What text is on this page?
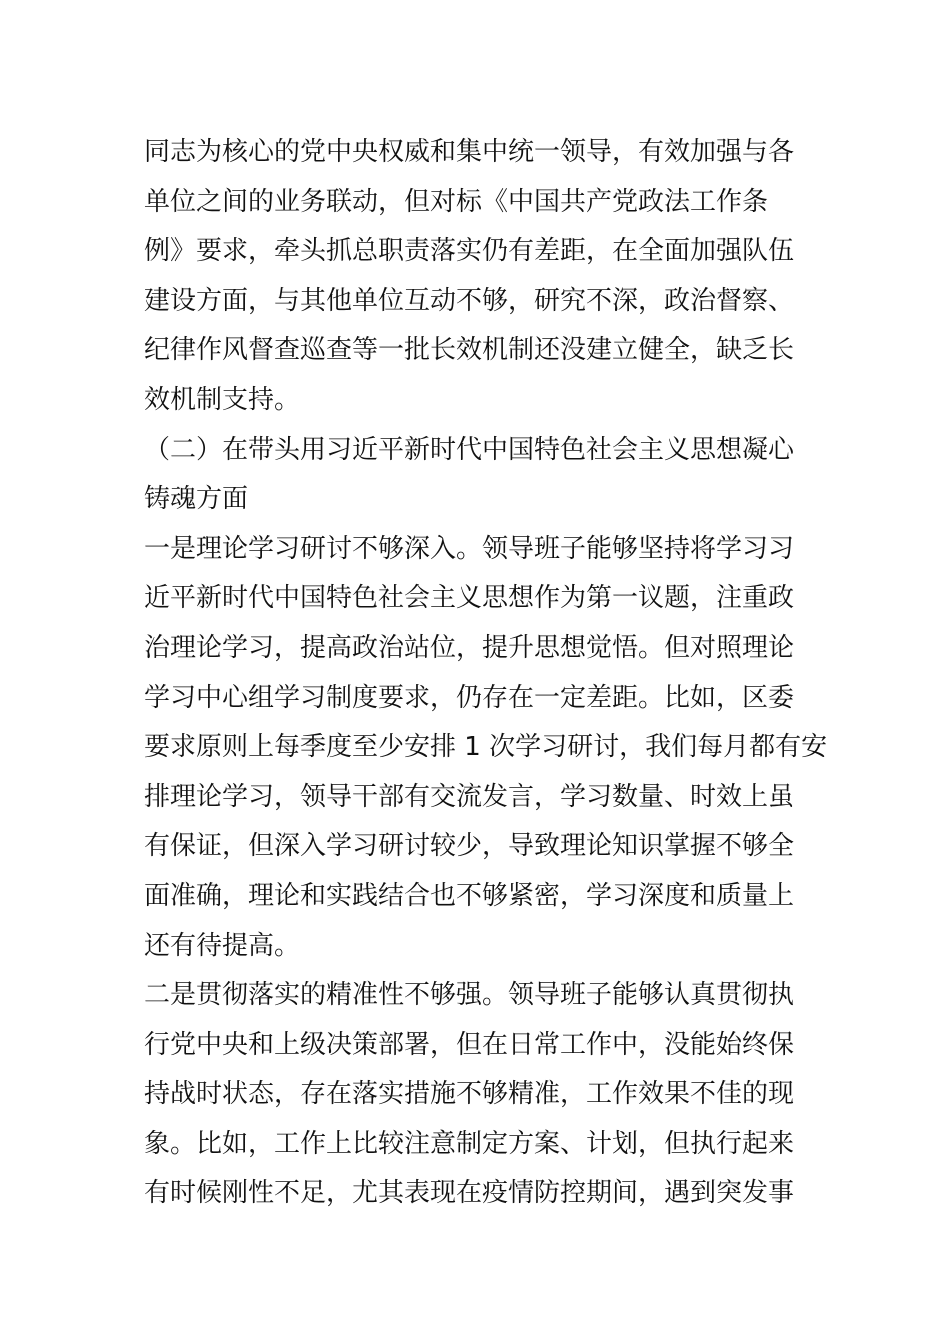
同志为核心的党中央权威和集中统一领导，有效加强与各
单位之间的业务联动，但对标《中国共产党政法工作条
例》要求，牵头抓总职责落实仍有差距，在全面加强队伍
建设方面，与其他单位互动不够，研究不深，政治督察、
纪律作风督查巡查等一批长效机制还没建立健全，缺乏长
效机制支持。
（二）在带头用习近平新时代中国特色社会主义思想凝心
铸魂方面
一是理论学习研讨不够深入。领导班子能够坚持将学习习
近平新时代中国特色社会主义思想作为第一议题，注重政
治理论学习，提高政治站位，提升思想觉悟。但对照理论
学习中心组学习制度要求，仍存在一定差距。比如，区委
要求原则上每季度至少安排 1 次学习研讨，我们每月都有安
排理论学习，领导干部有交流发言，学习数量、时效上虽
有保证，但深入学习研讨较少，导致理论知识掌握不够全
面准确，理论和实践结合也不够紧密，学习深度和质量上
还有待提高。
二是贯彻落实的精准性不够强。领导班子能够认真贯彻执
行党中央和上级决策部署，但在日常工作中，没能始终保
持战时状态，存在落实措施不够精准，工作效果不佳的现
象。比如，工作上比较注意制定方案、计划，但执行起来
有时候刚性不足，尤其表现在疫情防控期间，遇到突发事
